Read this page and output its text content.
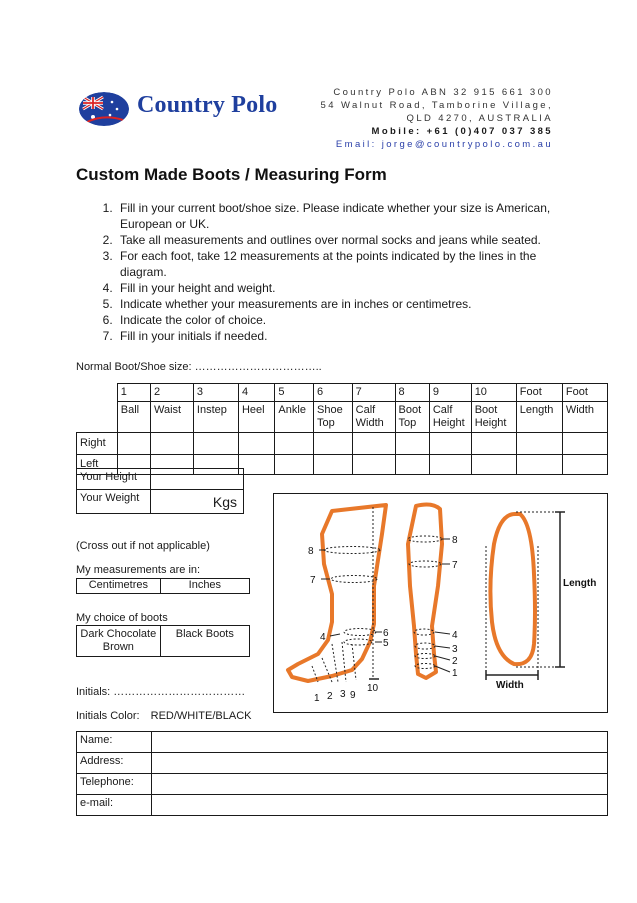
Country Polo	Country Polo ABN 32 915 661 300
54 Walnut Road, Tamborine Village,
QLD 4270, AUSTRALIA
Mobile: +61 (0)407 037 385
Email: jorge@countrypolo.com.au
Custom Made Boots / Measuring Form
1. Fill in your current boot/shoe size. Please indicate whether your size is American, European or UK.
2. Take all measurements and outlines over normal socks and jeans while seated.
3. For each foot, take 12 measurements at the points indicated by the lines in the diagram.
4. Fill in your height and weight.
5. Indicate whether your measurements are in inches or centimetres.
6. Indicate the color of choice.
7. Fill in your initials if needed.
Normal Boot/Shoe size: ……………………………..
	1	2	3	4	5	6	7	8	9	10	Foot	Foot
	Ball	Waist	Instep	Heel	Ankle	Shoe Top	Calf Width	Boot Top	Calf Height	Boot Height	Length	Width
Right												
Left												
Your Height	
Your Weight	Kgs
(Cross out if not applicable)
My measurements are in:
Centimetres	Inches
My choice of boots
Dark Chocolate Brown	Black Boots
Initials: ………………………………
Initials Color: RED/WHITE/BLACK
8
7
4	6
5
10
1 2 3 9
8
7
4
3
2
1
Length
Width
Name:	
Address:	
Telephone:	
e-mail:	
